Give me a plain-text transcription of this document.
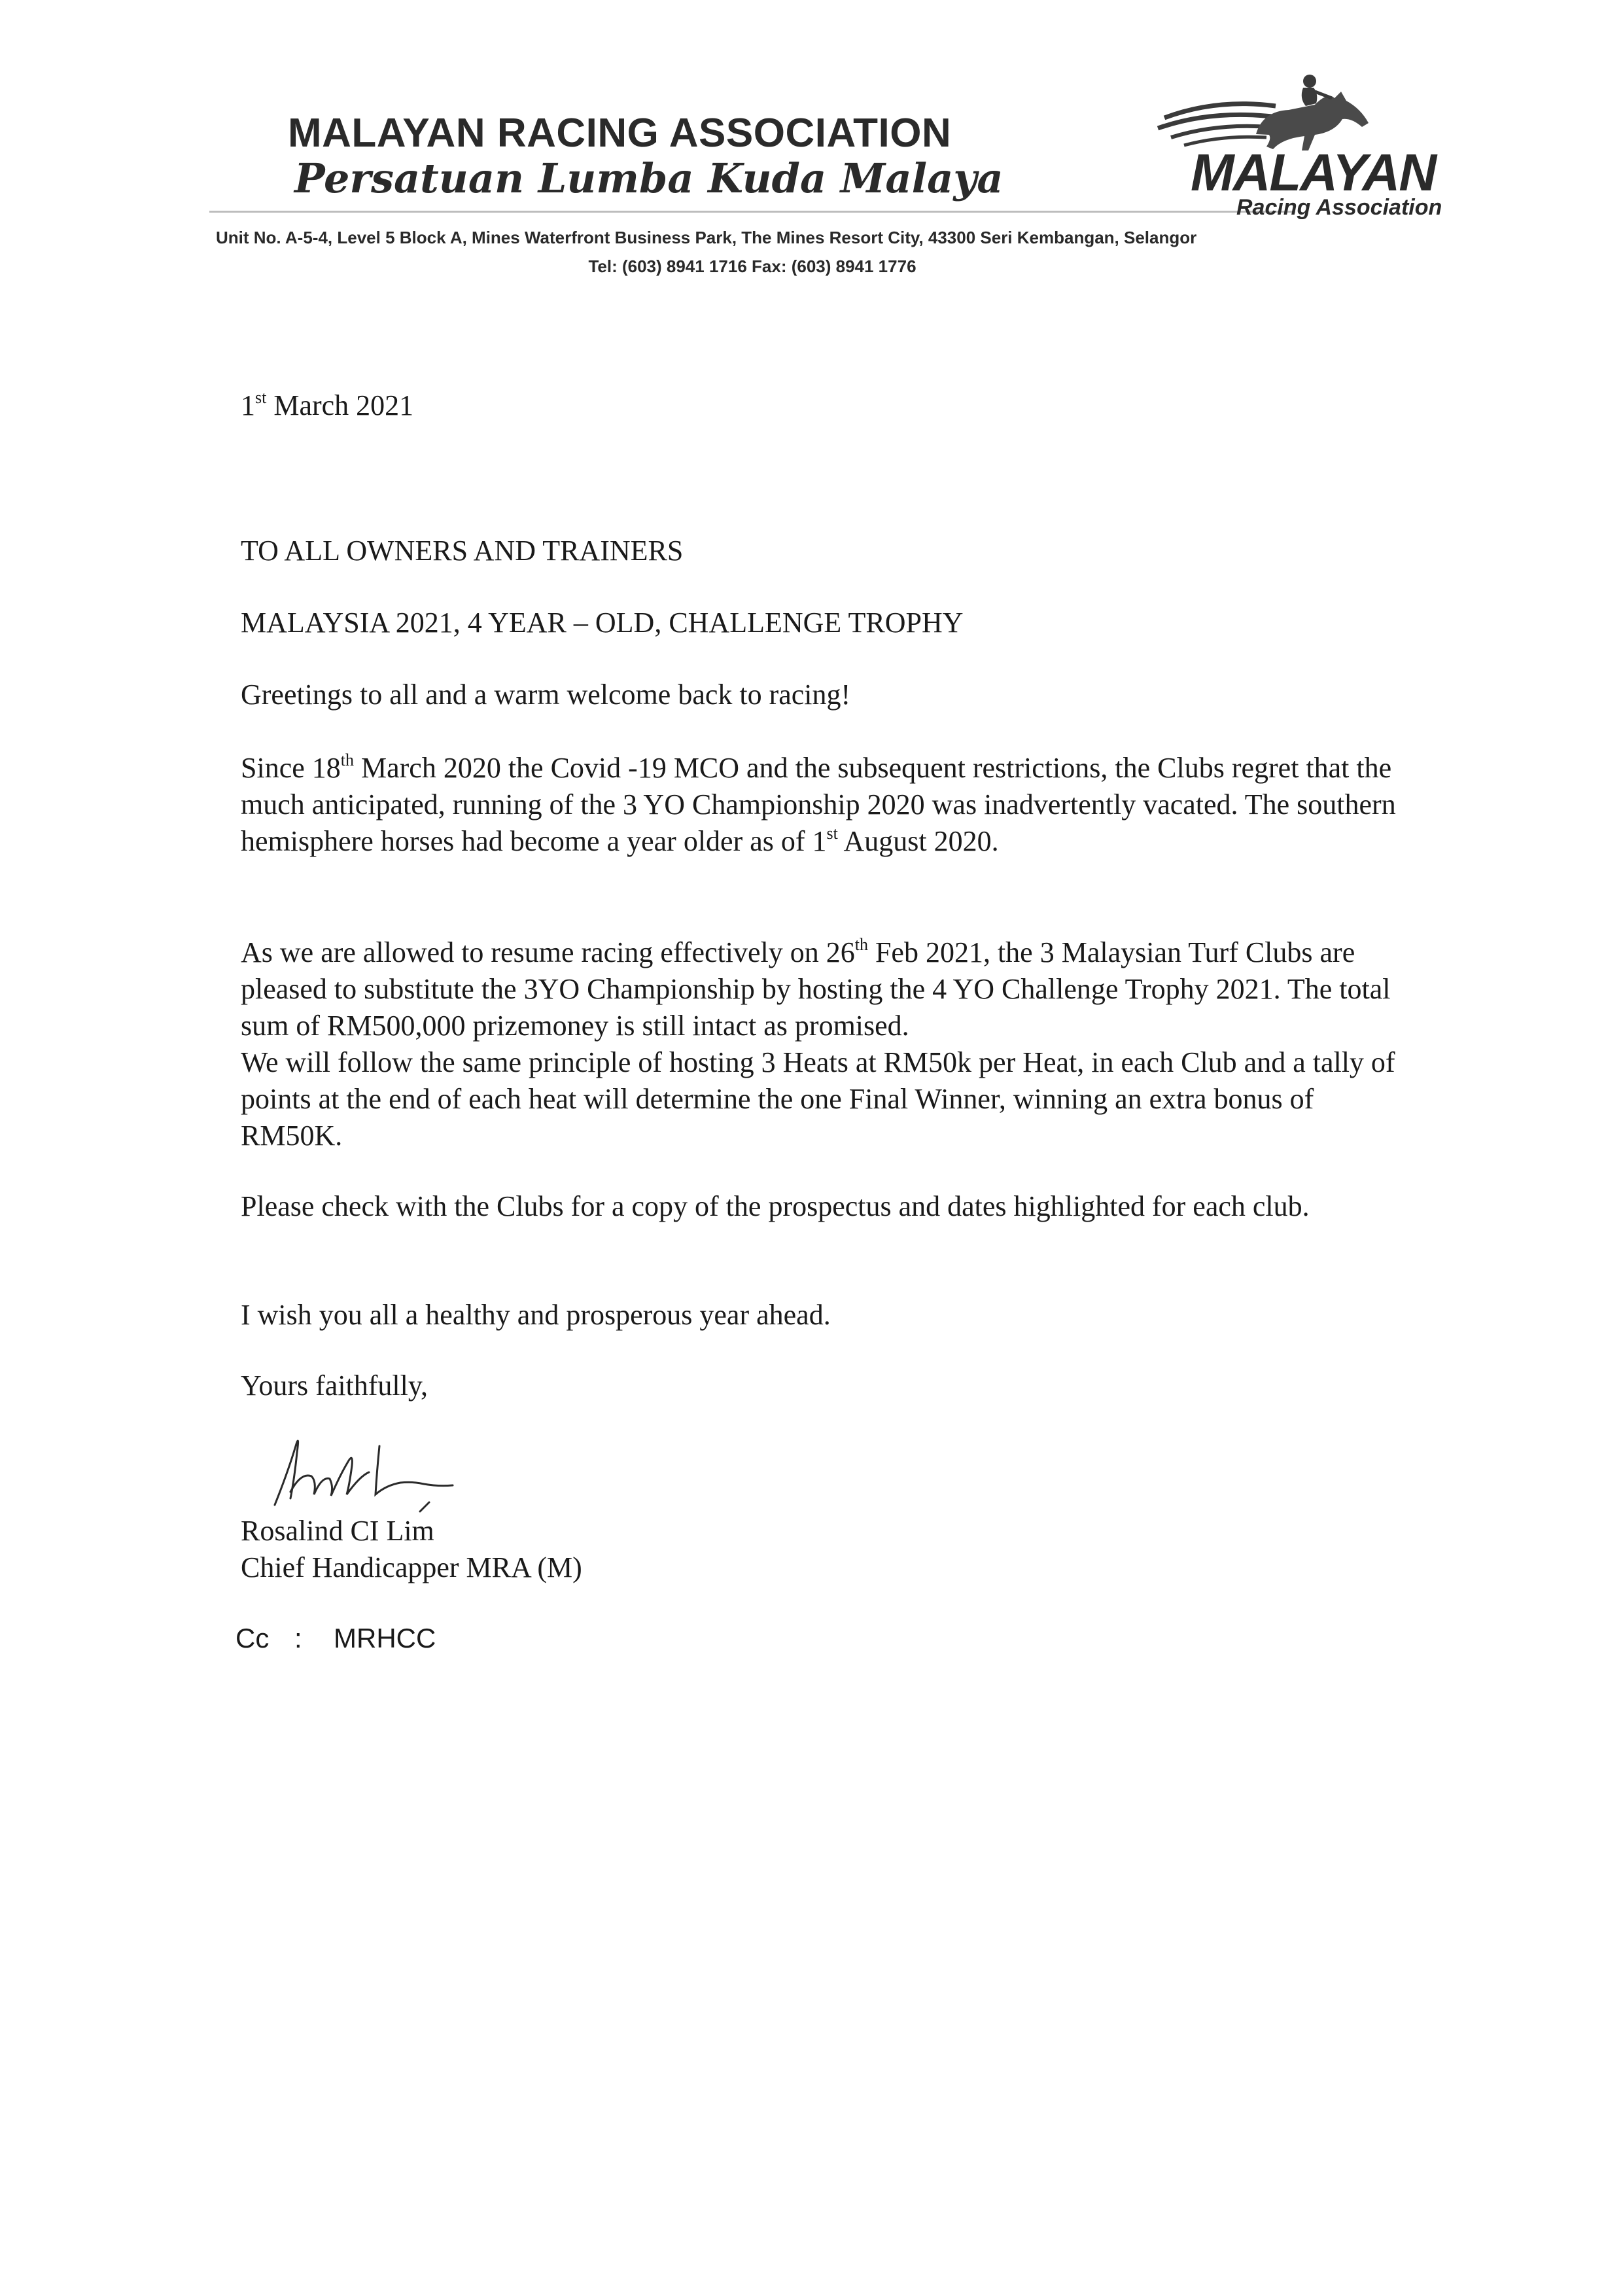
MALAYAN RACING ASSOCIATION
Persatuan Lumba Kuda Malaya	MALAYAN
Racing Association
Unit No. A-5-4, Level 5 Block A, Mines Waterfront Business Park, The Mines Resort City, 43300 Seri Kembangan, Selangor
Tel: (603) 8941 1716 Fax: (603) 8941 1776
1st March 2021
TO ALL OWNERS AND TRAINERS
MALAYSIA 2021, 4 YEAR – OLD, CHALLENGE TROPHY
Greetings to all and a warm welcome back to racing!
Since 18th March 2020 the Covid -19 MCO and the subsequent restrictions, the Clubs regret that the much anticipated, running of the 3 YO Championship 2020 was inadvertently vacated. The southern hemisphere horses had become a year older as of 1st August 2020.

As we are allowed to resume racing effectively on 26th Feb 2021, the 3 Malaysian Turf Clubs are pleased to substitute the 3YO Championship by hosting the 4 YO Challenge Trophy 2021. The total sum of RM500,000 prizemoney is still intact as promised.

We will follow the same principle of hosting 3 Heats at RM50k per Heat, in each Club and a tally of points at the end of each heat will determine the one Final Winner, winning an extra bonus of RM50K.

Please check with the Clubs for a copy of the prospectus and dates highlighted for each club.
I wish you all a healthy and prosperous year ahead.
Yours faithfully,
Rosalind CI Lim
Chief Handicapper MRA (M)
Cc : MRHCC
